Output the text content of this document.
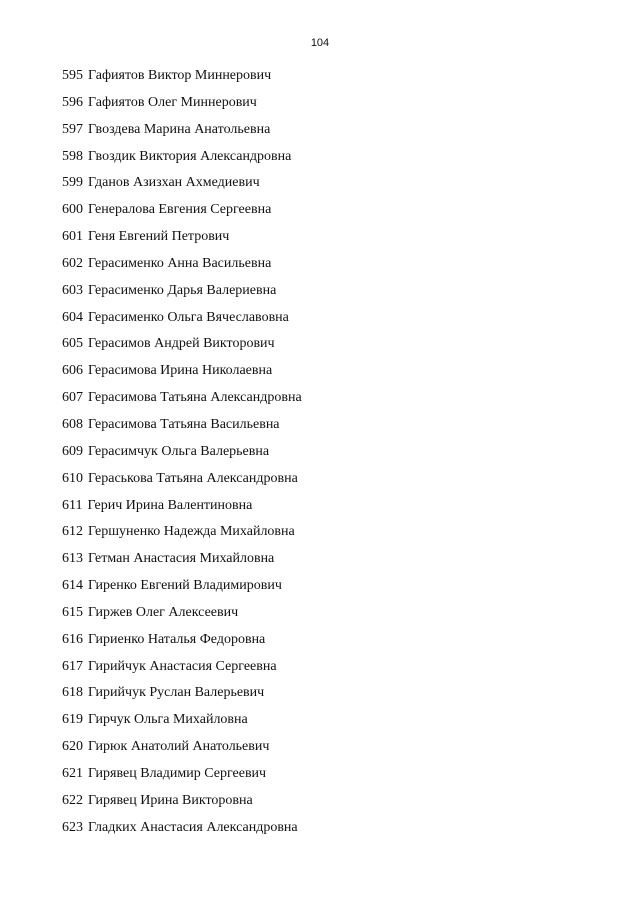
104
595 Гафиятов Виктор Миннерович
596 Гафиятов Олег Миннерович
597 Гвоздева Марина Анатольевна
598 Гвоздик Виктория Александровна
599 Гданов Азизхан Ахмедиевич
600 Генералова Евгения Сергеевна
601 Геня Евгений Петрович
602 Герасименко Анна Васильевна
603 Герасименко Дарья Валериевна
604 Герасименко Ольга Вячеславовна
605 Герасимов Андрей Викторович
606 Герасимова Ирина Николаевна
607 Герасимова Татьяна Александровна
608 Герасимова Татьяна Васильевна
609 Герасимчук Ольга Валерьевна
610 Гераськова Татьяна Александровна
611 Герич Ирина Валентиновна
612 Гершуненко Надежда Михайловна
613 Гетман Анастасия Михайловна
614 Гиренко Евгений Владимирович
615 Гиржев Олег Алексеевич
616 Гириенко Наталья Федоровна
617 Гирийчук Анастасия Сергеевна
618 Гирийчук Руслан Валерьевич
619 Гирчук Ольга Михайловна
620 Гирюк Анатолий Анатольевич
621 Гирявец Владимир Сергеевич
622 Гирявец Ирина Викторовна
623 Гладких Анастасия Александровна
